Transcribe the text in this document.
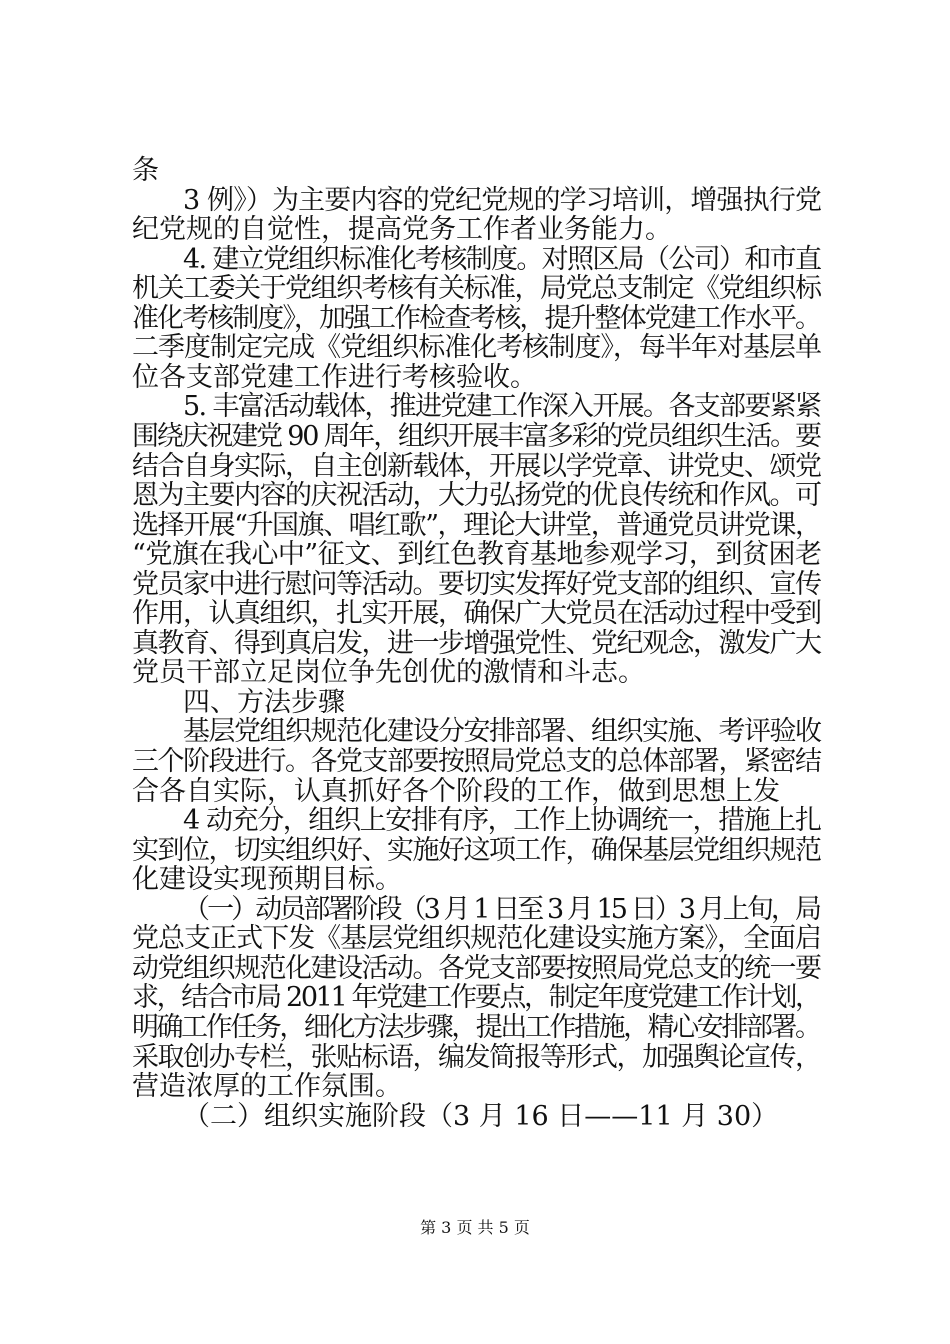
条
3 例》）为主要内容的党纪党规的学习培训，增强执行党
纪党规的自觉性，提高党务工作者业务能力。
4. 建立党组织标准化考核制度。对照区局（公司）和市直
机关工委关于党组织考核有关标准，局党总支制定《党组织标
准化考核制度》，加强工作检查考核，提升整体党建工作水平。
二季度制定完成《党组织标准化考核制度》，每半年对基层单
位各支部党建工作进行考核验收。
5. 丰富活动载体，推进党建工作深入开展。各支部要紧紧
围绕庆祝建党 90 周年，组织开展丰富多彩的党员组织生活。要
结合自身实际，自主创新载体，开展以学党章、讲党史、颂党
恩为主要内容的庆祝活动，大力弘扬党的优良传统和作风。可
选择开展“升国旗、唱红歌”，理论大讲堂，普通党员讲党课，
“党旗在我心中”征文、到红色教育基地参观学习，到贫困老
党员家中进行慰问等活动。要切实发挥好党支部的组织、宣传
作用，认真组织，扎实开展，确保广大党员在活动过程中受到
真教育、得到真启发，进一步增强党性、党纪观念，激发广大
党员干部立足岗位争先创优的激情和斗志。
四、方法步骤
基层党组织规范化建设分安排部署、组织实施、考评验收
三个阶段进行。各党支部要按照局党总支的总体部署，紧密结
合各自实际，认真抓好各个阶段的工作，做到思想上发
4 动充分，组织上安排有序，工作上协调统一，措施上扎
实到位，切实组织好、实施好这项工作，确保基层党组织规范
化建设实现预期目标。
（一）动员部署阶段（3 月 1 日至 3 月 15 日）3 月上旬，局
党总支正式下发《基层党组织规范化建设实施方案》，全面启
动党组织规范化建设活动。各党支部要按照局党总支的统一要
求，结合市局 2011 年党建工作要点，制定年度党建工作计划，
明确工作任务，细化方法步骤，提出工作措施，精心安排部署。
采取创办专栏，张贴标语，编发简报等形式，加强舆论宣传，
营造浓厚的工作氛围。
（二）组织实施阶段（3 月 16 日——11 月 30）
第 3 页 共 5 页
